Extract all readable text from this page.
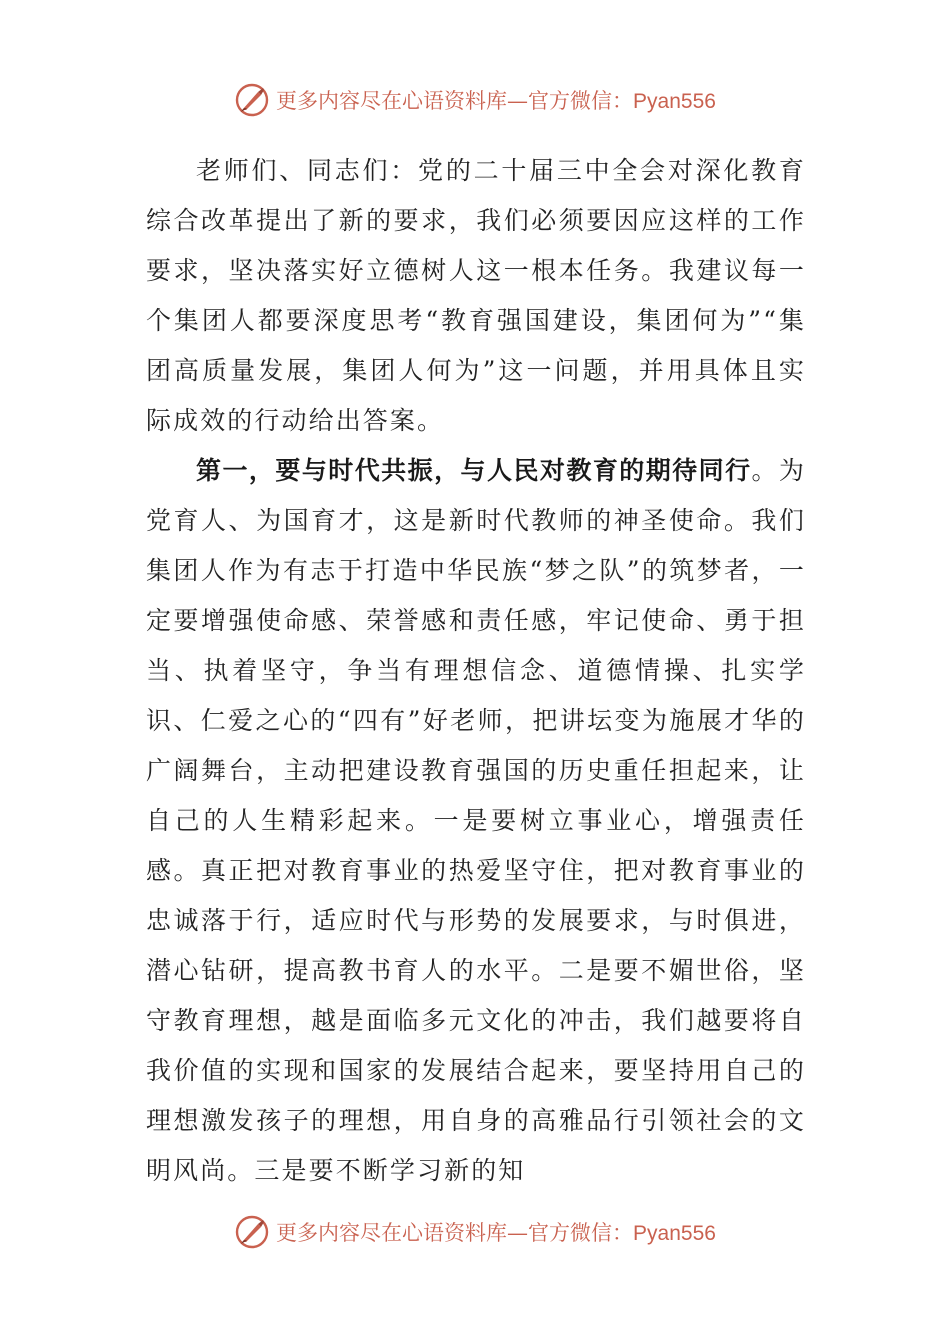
更多内容尽在心语资料库—官方微信：Pyan556

老师们、同志们：党的二十届三中全会对深化教育综合改革提出了新的要求，我们必须要因应这样的工作要求，坚决落实好立德树人这一根本任务。我建议每一个集团人都要深度思考“教育强国建设，集团何为”“集团高质量发展，集团人何为”这一问题，并用具体且实际成效的行动给出答案。

第一，要与时代共振，与人民对教育的期待同行。为党育人、为国育才，这是新时代教师的神圣使命。我们集团人作为有志于打造中华民族“梦之队”的筑梦者，一定要增强使命感、荣誉感和责任感，牢记使命、勇于担当、执着坚守，争当有理想信念、道德情操、扎实学识、仁爱之心的“四有”好老师，把讲坛变为施展才华的广阔舞台，主动把建设教育强国的历史重任担起来，让自己的人生精彩起来。一是要树立事业心，增强责任感。真正把对教育事业的热爱坚守住，把对教育事业的忠诚落于行，适应时代与形势的发展要求，与时俱进，潜心钻研，提高教书育人的水平。二是要不媚世俗，坚守教育理想，越是面临多元文化的冲击，我们越要将自我价值的实现和国家的发展结合起来，要坚持用自己的理想激发孩子的理想，用自身的高雅品行引领社会的文明风尚。三是要不断学习新的知

更多内容尽在心语资料库—官方微信：Pyan556
